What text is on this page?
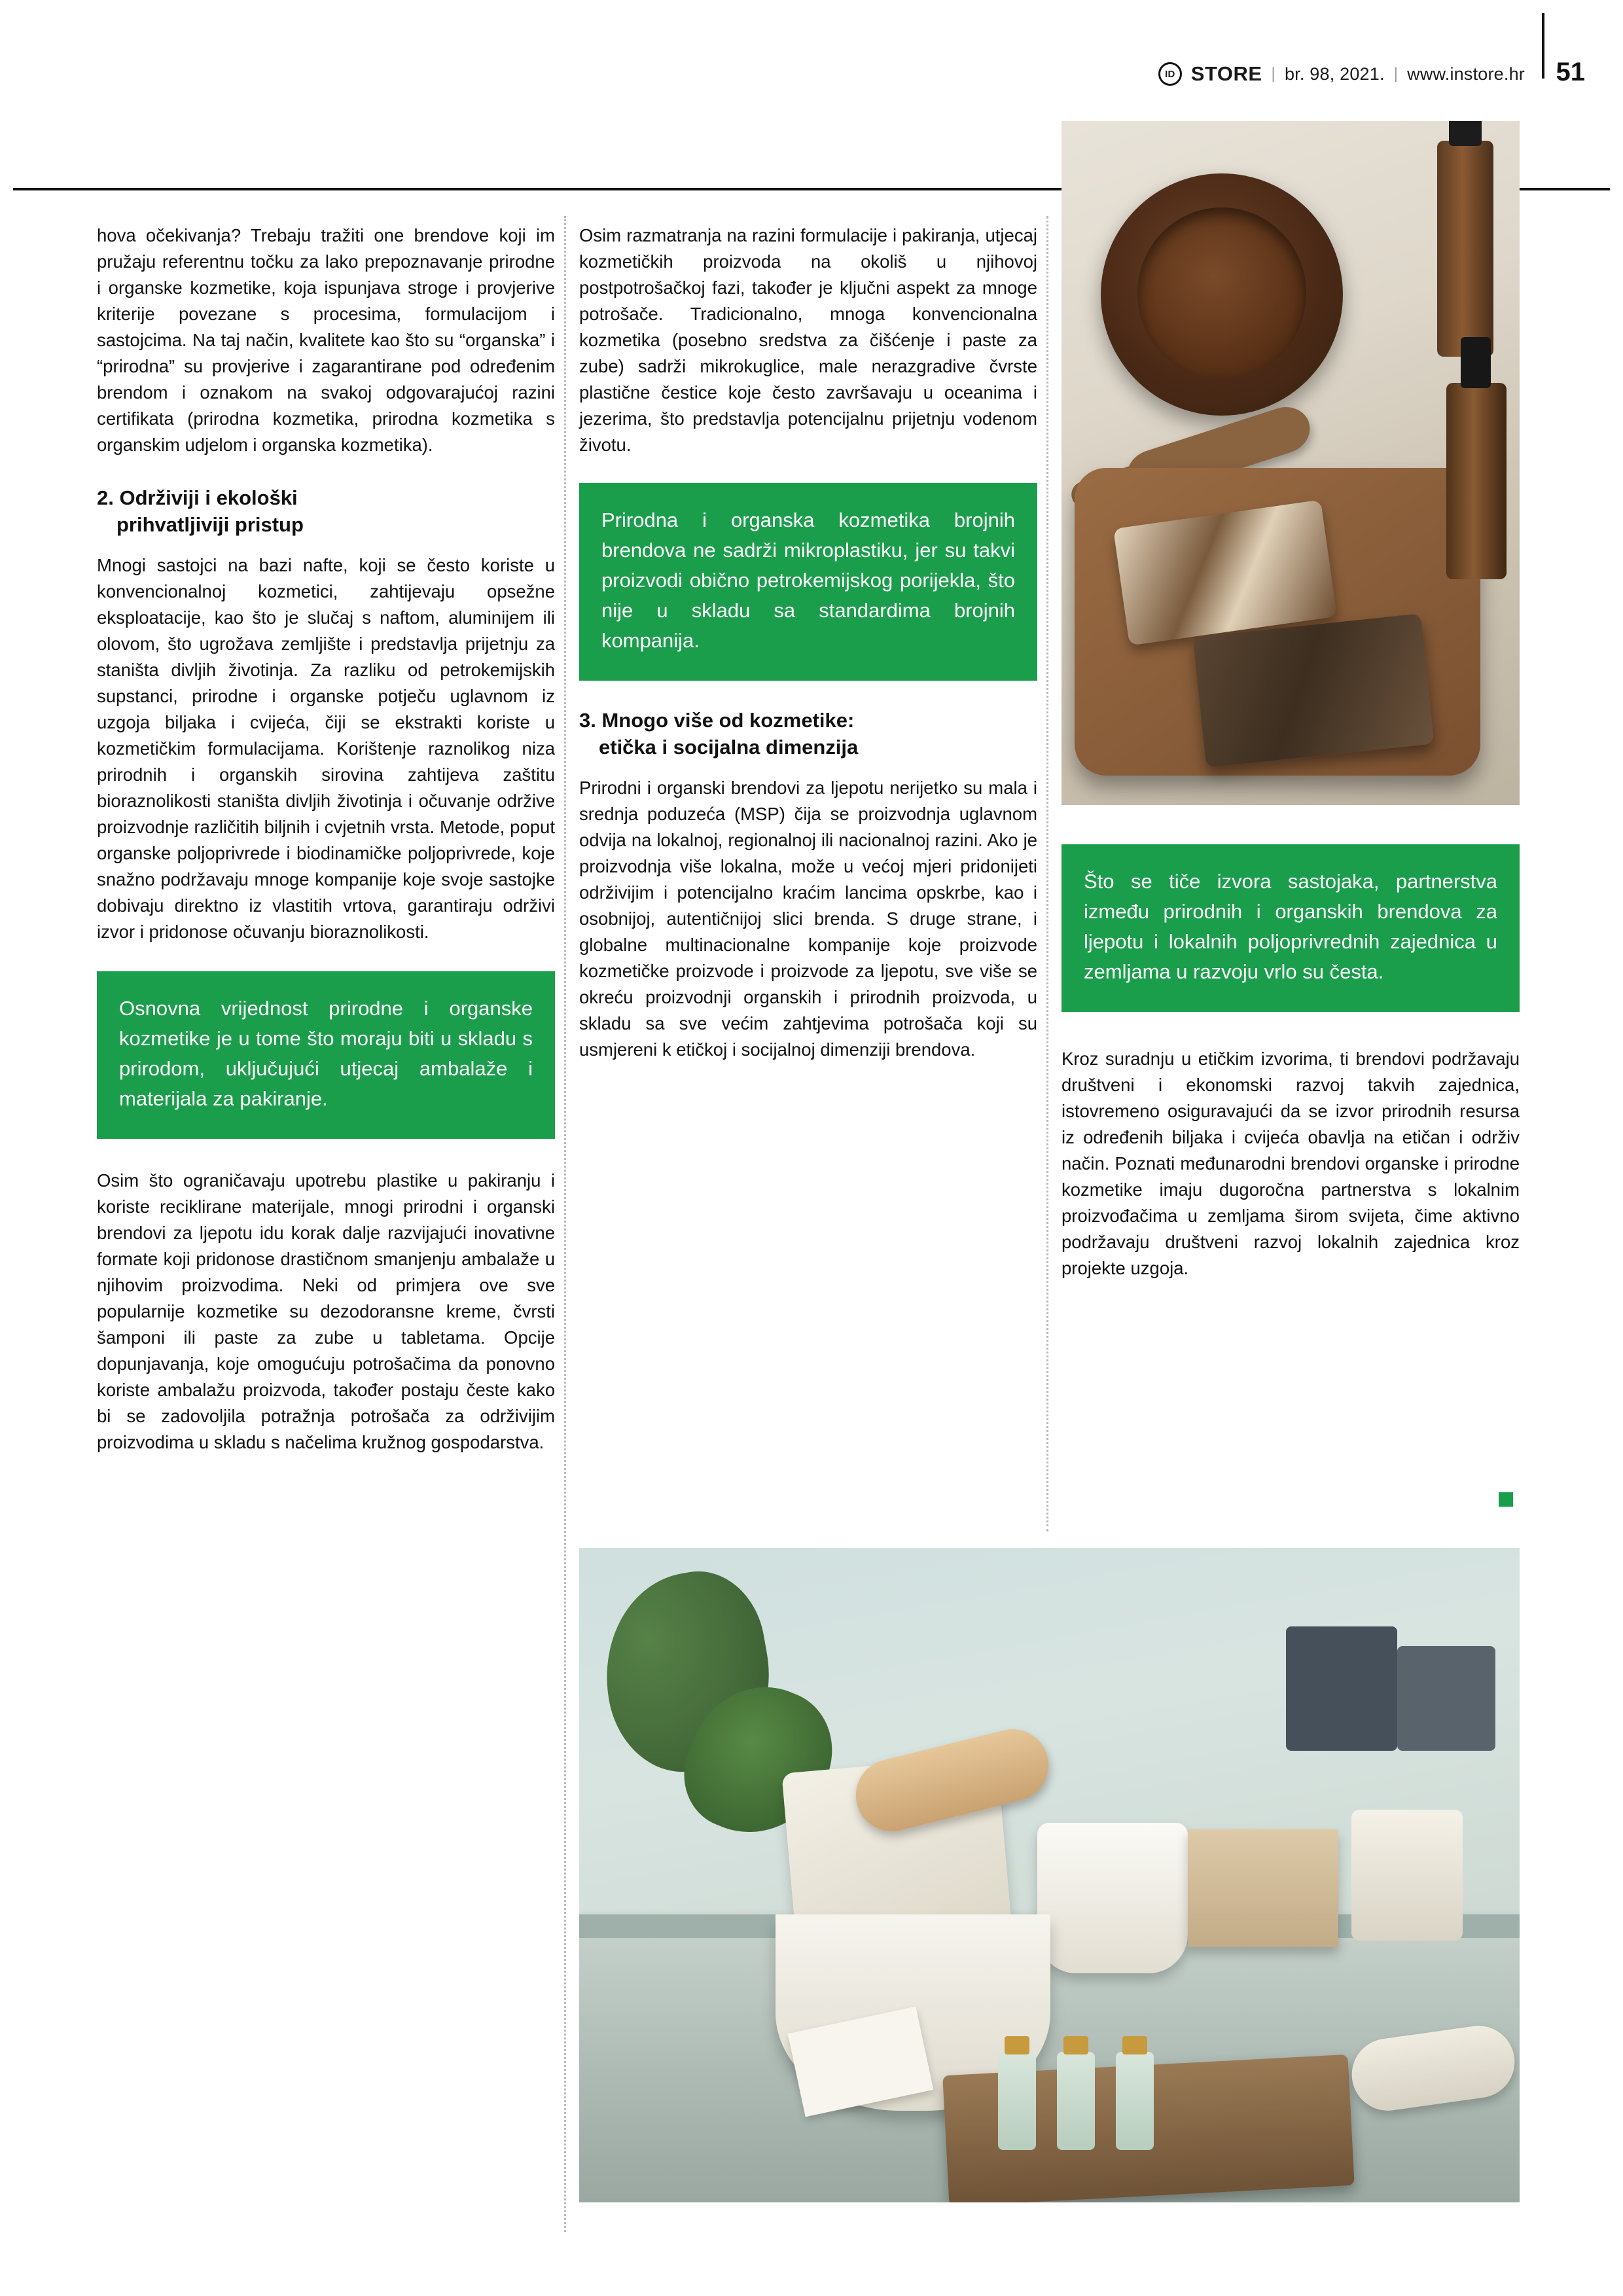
ID STORE | br. 98, 2021. | www.instore.hr 51

hova očekivanja? Trebaju tražiti one brendove koji im pružaju referentnu točku za lako prepoznavanje prirodne i organske kozmetike, koja ispunjava stroge i provjerive kriterije povezane s procesima, formulacijom i sastojcima. Na taj način, kvalitete kao što su “organska” i “prirodna” su provjerive i zagarantirane pod određenim brendom i oznakom na svakoj odgovarajućoj razini certifikata (prirodna kozmetika, prirodna kozmetika s organskim udjelom i organska kozmetika).

2. Održiviji i ekološki
prihvatljiviji pristup

Mnogi sastojci na bazi nafte, koji se često koriste u konvencionalnoj kozmetici, zahtijevaju opsežne eksploatacije, kao što je slučaj s naftom, aluminijem ili olovom, što ugrožava zemljište i predstavlja prijetnju za staništa divljih životinja. Za razliku od petrokemijskih supstanci, prirodne i organske potječu uglavnom iz uzgoja biljaka i cvijeća, čiji se ekstrakti koriste u kozmetičkim formulacijama. Korištenje raznolikog niza prirodnih i organskih sirovina zahtijeva zaštitu bioraznolikosti staništa divljih životinja i očuvanje održive proizvodnje različitih biljnih i cvjetnih vrsta. Metode, poput organske poljoprivrede i biodinamičke poljoprivrede, koje snažno podržavaju mnoge kompanije koje svoje sastojke dobivaju direktno iz vlastitih vrtova, garantiraju održivi izvor i pridonose očuvanju bioraznolikosti.

Osnovna vrijednost prirodne i organske kozmetike je u tome što moraju biti u skladu s prirodom, uključujući utjecaj ambalaže i materijala za pakiranje.

Osim što ograničavaju upotrebu plastike u pakiranju i koriste reciklirane materijale, mnogi prirodni i organski brendovi za ljepotu idu korak dalje razvijajući inovativne formate koji pridonose drastičnom smanjenju ambalaže u njihovim proizvodima. Neki od primjera ove sve popularnije kozmetike su dezodoransne kreme, čvrsti šamponi ili paste za zube u tabletama. Opcije dopunjavanja, koje omogućuju potrošačima da ponovno koriste ambalažu proizvoda, također postaju česte kako bi se zadovoljila potražnja potrošača za održivijim proizvodima u skladu s načelima kružnog gospodarstva.

Osim razmatranja na razini formulacije i pakiranja, utjecaj kozmetičkih proizvoda na okoliš u njihovoj postpotrošačkoj fazi, također je ključni aspekt za mnoge potrošače. Tradicionalno, mnoga konvencionalna kozmetika (posebno sredstva za čišćenje i paste za zube) sadrži mikrokuglice, male nerazgradive čvrste plastične čestice koje često završavaju u oceanima i jezerima, što predstavlja potencijalnu prijetnju vodenom životu.

Prirodna i organska kozmetika brojnih brendova ne sadrži mikroplastiku, jer su takvi proizvodi obično petrokemijskog porijekla, što nije u skladu sa standardima brojnih kompanija.
3. Mnogo više od kozmetike:
etička i socijalna dimenzija

Prirodni i organski brendovi za ljepotu nerijetko su mala i srednja poduzeća (MSP) čija se proizvodnja uglavnom odvija na lokalnoj, regionalnoj ili nacionalnoj razini. Ako je proizvodnja više lokalna, može u većoj mjeri pridonijeti održivijim i potencijalno kraćim lancima opskrbe, kao i osobnijoj, autentičnijoj slici brenda. S druge strane, i globalne multinacionalne kompanije koje proizvode kozmetičke proizvode i proizvode za ljepotu, sve više se okreću proizvodnji organskih i prirodnih proizvoda, u skladu sa sve većim zahtjevima potrošača koji su usmjereni k etičkoj i socijalnoj dimenziji brendova.

Što se tiče izvora sastojaka, partnerstva između prirodnih i organskih brendova za ljepotu i lokalnih poljoprivrednih zajednica u zemljama u razvoju vrlo su česta.

Kroz suradnju u etičkim izvorima, ti brendovi podržavaju društveni i ekonomski razvoj takvih zajednica, istovremeno osiguravajući da se izvor prirodnih resursa iz određenih biljaka i cvijeća obavlja na etičan i održiv način. Poznati međunarodni brendovi organske i prirodne kozmetike imaju dugoročna partnerstva s lokalnim proizvođačima u zemljama širom svijeta, čime aktivno podržavaju društveni razvoj lokalnih zajednica kroz projekte uzgoja.
